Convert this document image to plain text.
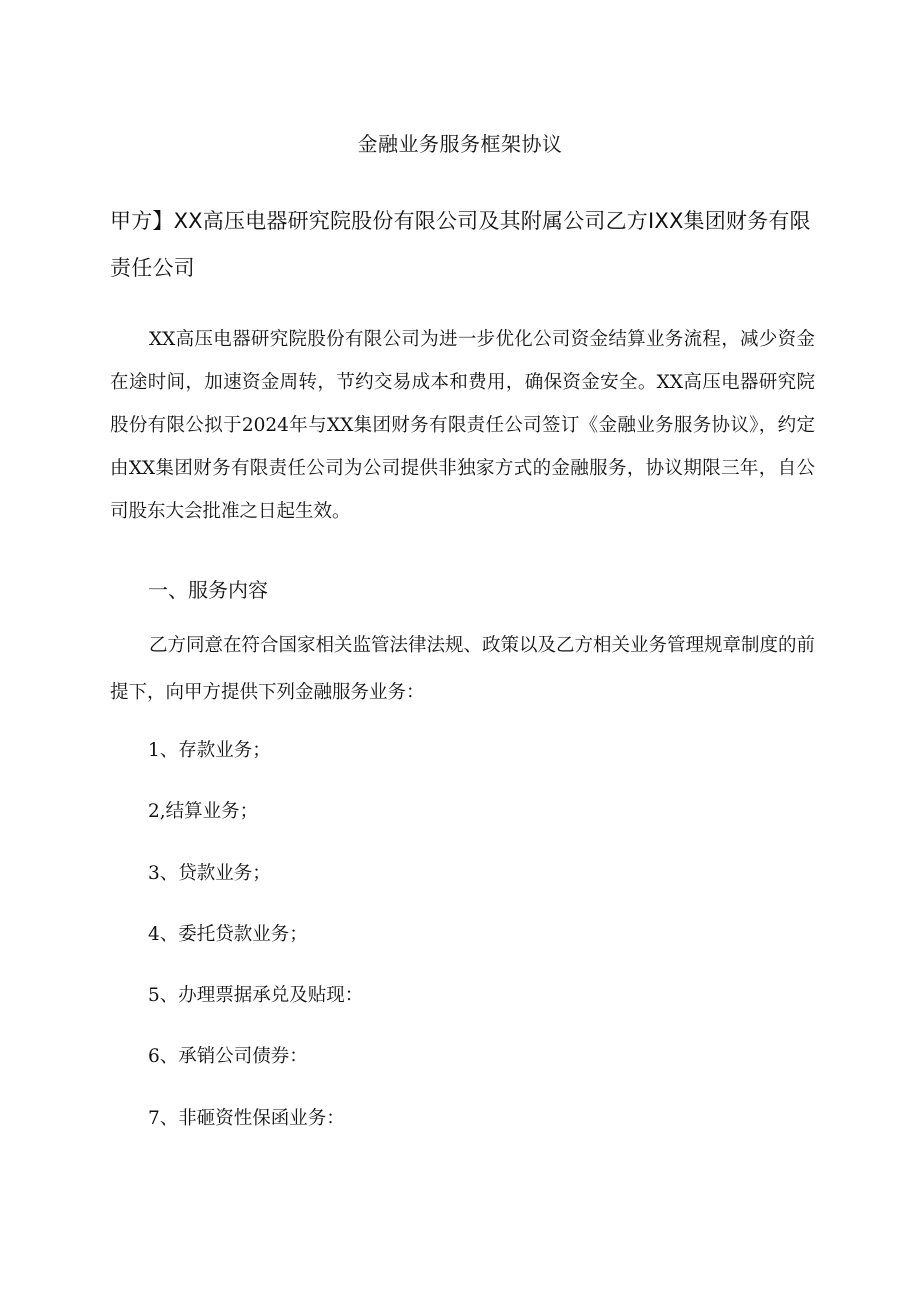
金融业务服务框架协议
甲方】XX高压电器研究院股份有限公司及其附属公司乙方IXX集团财务有限责任公司

XX高压电器研究院股份有限公司为进一步优化公司资金结算业务流程，减少资金在途时间，加速资金周转，节约交易成本和费用，确保资金安全。XX高压电器研究院股份有限公拟于2024年与XX集团财务有限责任公司签订《金融业务服务协议》，约定由XX集团财务有限责任公司为公司提供非独家方式的金融服务，协议期限三年，自公司股东大会批准之日起生效。

一、服务内容

乙方同意在符合国家相关监管法律法规、政策以及乙方相关业务管理规章制度的前提下，向甲方提供下列金融服务业务：

1、存款业务；
2,结算业务；
3、贷款业务；
4、委托贷款业务；
5、办理票据承兑及贴现：
6、承销公司债券：
7、非砸资性保函业务：
